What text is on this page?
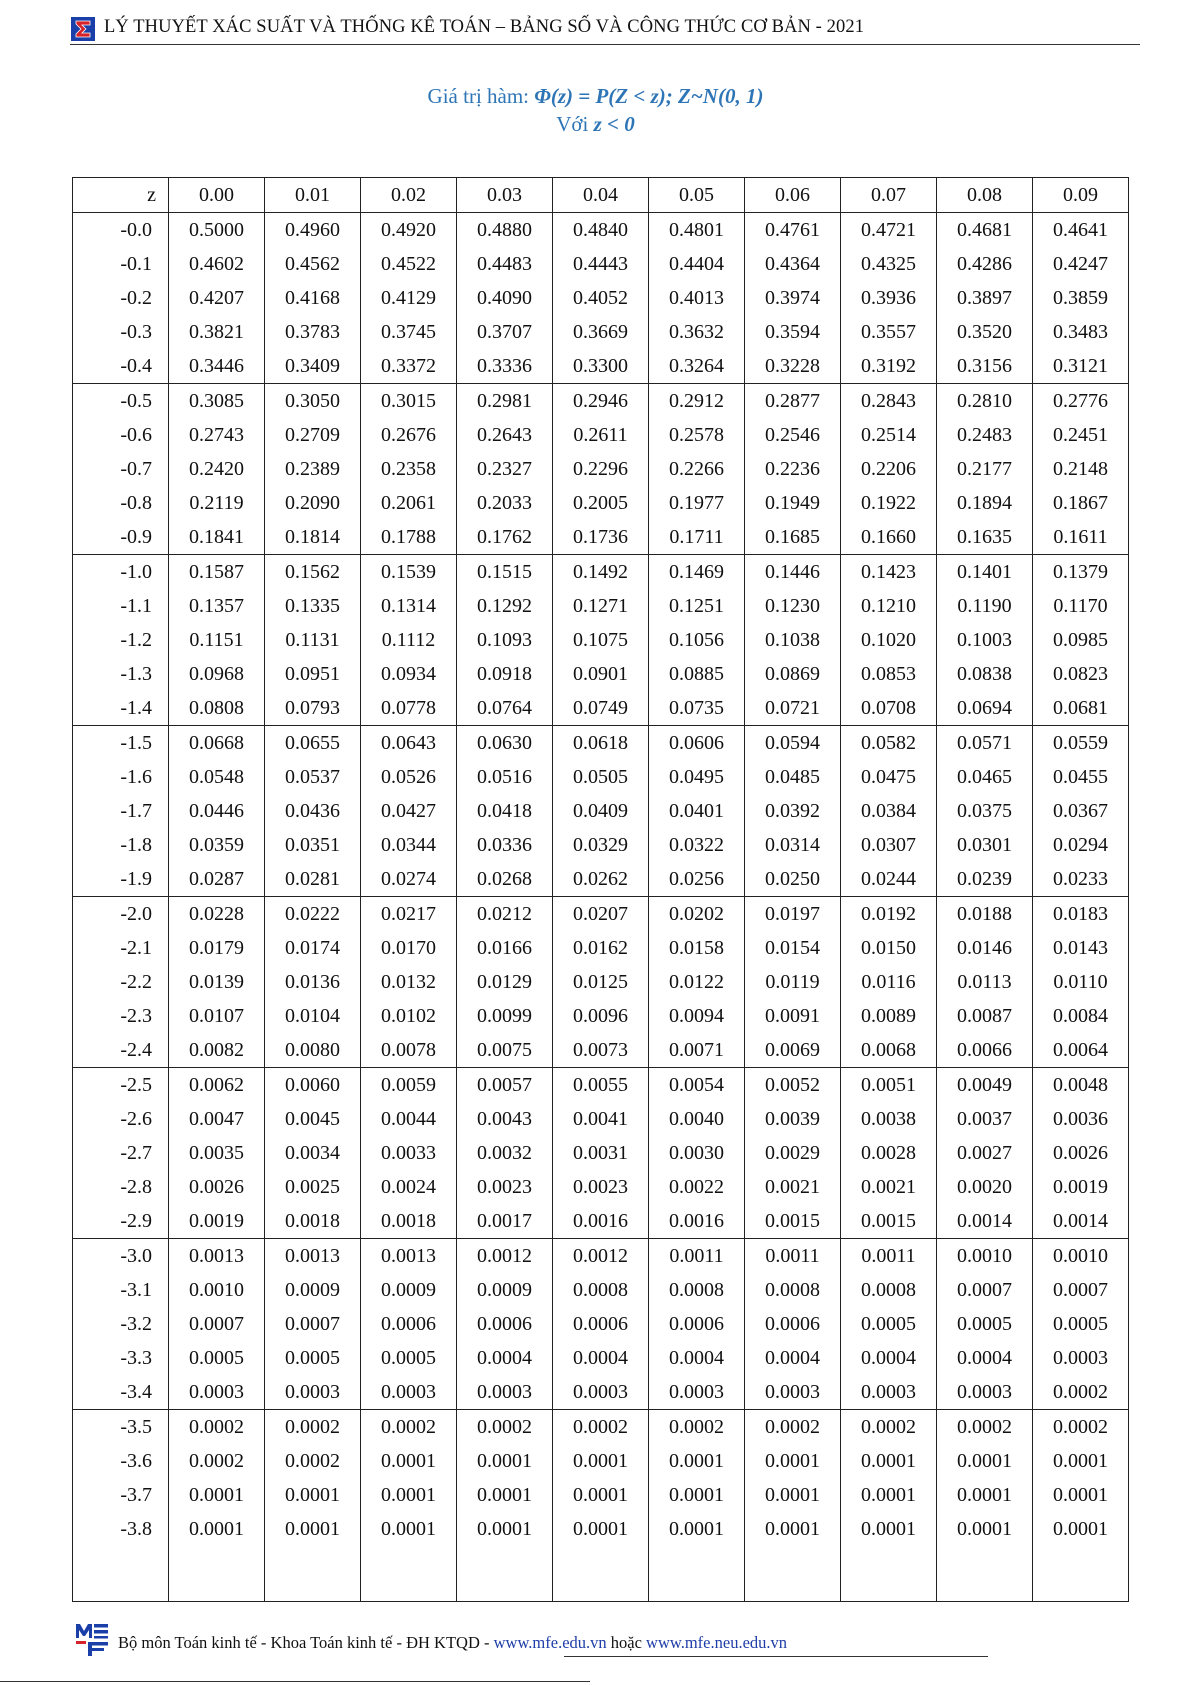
LÝ THUYẾT XÁC SUẤT VÀ THỐNG KÊ TOÁN – BẢNG SỐ VÀ CÔNG THỨC CƠ BẢN - 2021
Giá trị hàm: Φ(z) = P(Z < z); Z~N(0, 1)
Với z < 0
z	0.00	0.01	0.02	0.03	0.04	0.05	0.06	0.07	0.08	0.09
-0.0	0.5000	0.4960	0.4920	0.4880	0.4840	0.4801	0.4761	0.4721	0.4681	0.4641
-0.1	0.4602	0.4562	0.4522	0.4483	0.4443	0.4404	0.4364	0.4325	0.4286	0.4247
-0.2	0.4207	0.4168	0.4129	0.4090	0.4052	0.4013	0.3974	0.3936	0.3897	0.3859
-0.3	0.3821	0.3783	0.3745	0.3707	0.3669	0.3632	0.3594	0.3557	0.3520	0.3483
-0.4	0.3446	0.3409	0.3372	0.3336	0.3300	0.3264	0.3228	0.3192	0.3156	0.3121
-0.5	0.3085	0.3050	0.3015	0.2981	0.2946	0.2912	0.2877	0.2843	0.2810	0.2776
-0.6	0.2743	0.2709	0.2676	0.2643	0.2611	0.2578	0.2546	0.2514	0.2483	0.2451
-0.7	0.2420	0.2389	0.2358	0.2327	0.2296	0.2266	0.2236	0.2206	0.2177	0.2148
-0.8	0.2119	0.2090	0.2061	0.2033	0.2005	0.1977	0.1949	0.1922	0.1894	0.1867
-0.9	0.1841	0.1814	0.1788	0.1762	0.1736	0.1711	0.1685	0.1660	0.1635	0.1611
-1.0	0.1587	0.1562	0.1539	0.1515	0.1492	0.1469	0.1446	0.1423	0.1401	0.1379
-1.1	0.1357	0.1335	0.1314	0.1292	0.1271	0.1251	0.1230	0.1210	0.1190	0.1170
-1.2	0.1151	0.1131	0.1112	0.1093	0.1075	0.1056	0.1038	0.1020	0.1003	0.0985
-1.3	0.0968	0.0951	0.0934	0.0918	0.0901	0.0885	0.0869	0.0853	0.0838	0.0823
-1.4	0.0808	0.0793	0.0778	0.0764	0.0749	0.0735	0.0721	0.0708	0.0694	0.0681
-1.5	0.0668	0.0655	0.0643	0.0630	0.0618	0.0606	0.0594	0.0582	0.0571	0.0559
-1.6	0.0548	0.0537	0.0526	0.0516	0.0505	0.0495	0.0485	0.0475	0.0465	0.0455
-1.7	0.0446	0.0436	0.0427	0.0418	0.0409	0.0401	0.0392	0.0384	0.0375	0.0367
-1.8	0.0359	0.0351	0.0344	0.0336	0.0329	0.0322	0.0314	0.0307	0.0301	0.0294
-1.9	0.0287	0.0281	0.0274	0.0268	0.0262	0.0256	0.0250	0.0244	0.0239	0.0233
-2.0	0.0228	0.0222	0.0217	0.0212	0.0207	0.0202	0.0197	0.0192	0.0188	0.0183
-2.1	0.0179	0.0174	0.0170	0.0166	0.0162	0.0158	0.0154	0.0150	0.0146	0.0143
-2.2	0.0139	0.0136	0.0132	0.0129	0.0125	0.0122	0.0119	0.0116	0.0113	0.0110
-2.3	0.0107	0.0104	0.0102	0.0099	0.0096	0.0094	0.0091	0.0089	0.0087	0.0084
-2.4	0.0082	0.0080	0.0078	0.0075	0.0073	0.0071	0.0069	0.0068	0.0066	0.0064
-2.5	0.0062	0.0060	0.0059	0.0057	0.0055	0.0054	0.0052	0.0051	0.0049	0.0048
-2.6	0.0047	0.0045	0.0044	0.0043	0.0041	0.0040	0.0039	0.0038	0.0037	0.0036
-2.7	0.0035	0.0034	0.0033	0.0032	0.0031	0.0030	0.0029	0.0028	0.0027	0.0026
-2.8	0.0026	0.0025	0.0024	0.0023	0.0023	0.0022	0.0021	0.0021	0.0020	0.0019
-2.9	0.0019	0.0018	0.0018	0.0017	0.0016	0.0016	0.0015	0.0015	0.0014	0.0014
-3.0	0.0013	0.0013	0.0013	0.0012	0.0012	0.0011	0.0011	0.0011	0.0010	0.0010
-3.1	0.0010	0.0009	0.0009	0.0009	0.0008	0.0008	0.0008	0.0008	0.0007	0.0007
-3.2	0.0007	0.0007	0.0006	0.0006	0.0006	0.0006	0.0006	0.0005	0.0005	0.0005
-3.3	0.0005	0.0005	0.0005	0.0004	0.0004	0.0004	0.0004	0.0004	0.0004	0.0003
-3.4	0.0003	0.0003	0.0003	0.0003	0.0003	0.0003	0.0003	0.0003	0.0003	0.0002
-3.5	0.0002	0.0002	0.0002	0.0002	0.0002	0.0002	0.0002	0.0002	0.0002	0.0002
-3.6	0.0002	0.0002	0.0001	0.0001	0.0001	0.0001	0.0001	0.0001	0.0001	0.0001
-3.7	0.0001	0.0001	0.0001	0.0001	0.0001	0.0001	0.0001	0.0001	0.0001	0.0001
-3.8	0.0001	0.0001	0.0001	0.0001	0.0001	0.0001	0.0001	0.0001	0.0001	0.0001

Bộ môn Toán kinh tế - Khoa Toán kinh tế - ĐH KTQD - www.mfe.edu.vn hoặc www.mfe.neu.edu.vn
